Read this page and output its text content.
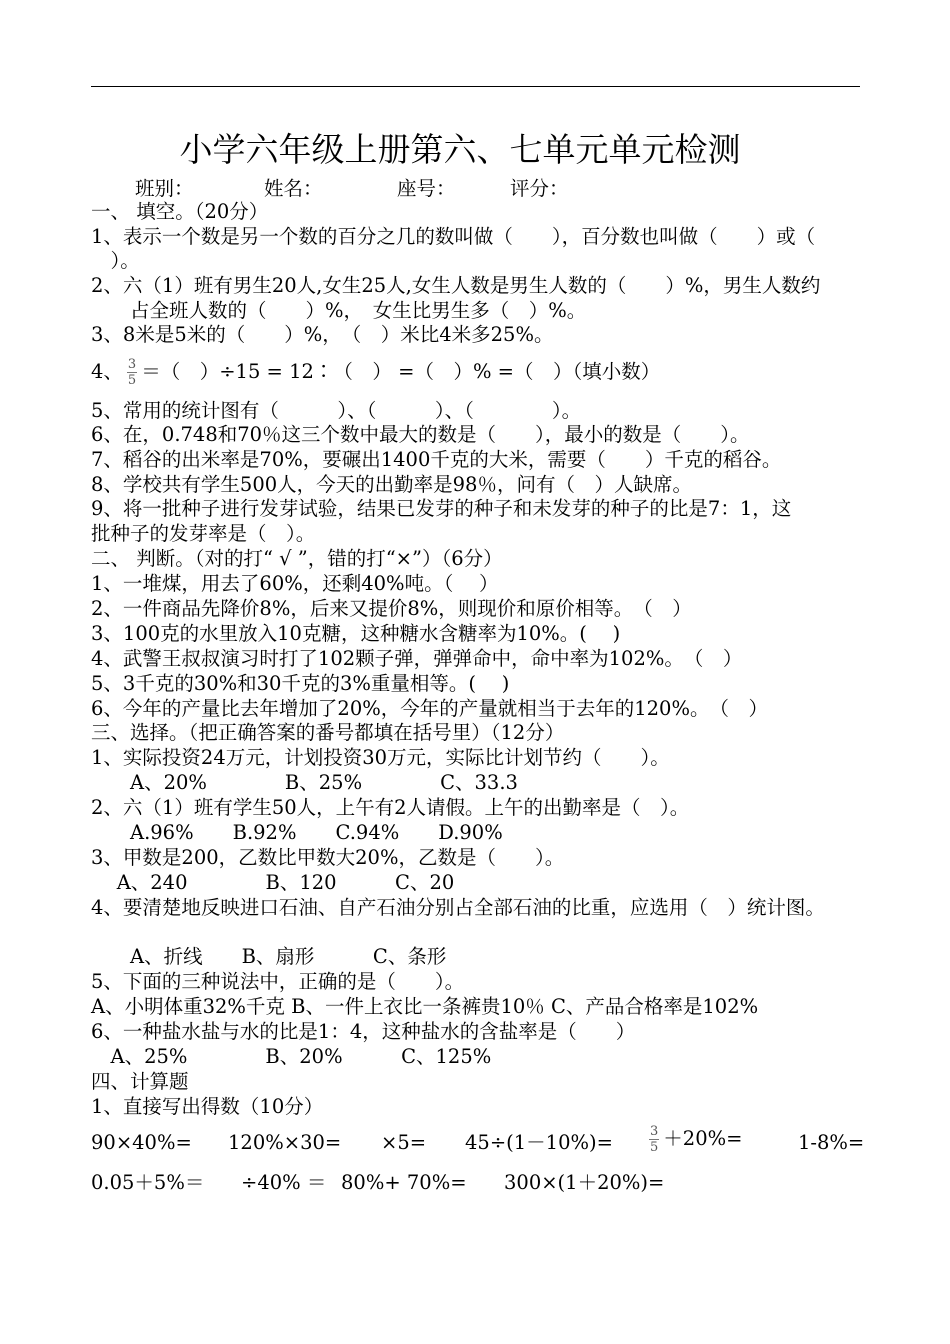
小学六年级上册第六、七单元单元检测
班别：	姓名：	座号：	评分：
一、 填空。（20分）
1、表示一个数是另一个数的百分之几的数叫做（　　），百分数也叫做（　　）或（
　）。
2、六（1）班有男生20人,女生25人,女生人数是男生人数的（　　）%，男生人数约
　　占全班人数的（　　）%，　女生比男生多（　）%。
3、8米是5米的（　　）%，　（　）米比4米多25%。
4、 $\frac{3}{5}$ ＝（　）÷15 = 12∶（　） =（　）% =（　）（填小数）
5、常用的统计图有（　　　）、（　　　）、（　　　　）。
6、在，0.748和70％这三个数中最大的数是（　　），最小的数是（　　）。
7、稻谷的出米率是70%，要碾出1400千克的大米，需要（　　）千克的稻谷。
8、学校共有学生500人，今天的出勤率是98％，问有（　）人缺席。
9、将一批种子进行发芽试验，结果已发芽的种子和未发芽的种子的比是7：1，这
批种子的发芽率是（　）。
二、 判断。（对的打“ √ ”，错的打“×”）（6分）
1、一堆煤，用去了60%，还剩40%吨。（　 ）
2、一件商品先降价8%，后来又提价8%，则现价和原价相等。　（　）
3、100克的水里放入10克糖，这种糖水含糖率为10%。(　 )
4、武警王叔叔演习时打了102颗子弹，弹弹命中，命中率为102%。　（　）
5、3千克的30%和30千克的3%重量相等。(　 )
6、今年的产量比去年增加了20%，今年的产量就相当于去年的120%。　（　）
三、选择。（把正确答案的番号都填在括号里）（12分）
1、实际投资24万元，计划投资30万元，实际比计划节约（　　）。
　　A、20%　　　　B、25%　　　　C、33.3
2、六（1）班有学生50人，上午有2人请假。上午的出勤率是（　）。
　　A.96%　　B.92%　　C.94%　　D.90%
3、甲数是200，乙数比甲数大20%，乙数是（　　）。
　 A、240　　　　B、120　　　C、20
4、要清楚地反映进口石油、自产石油分别占全部石油的比重，应选用（　）统计图。
　　A、折线　　B、扇形　　　C、条形
5、下面的三种说法中，正确的是（　　）。
A、小明体重32%千克 B、一件上衣比一条裤贵10％ C、产品合格率是102%
6、一种盐水盐与水的比是1：4，这种盐水的含盐率是（　　）
　A、25%　　　　B、20%　　　C、125%
四、计算题
1、直接写出得数（10分）
90×40%= 120%×30= ×5= 45÷(1－10%)=	$\frac{3}{5} +20\%=$	1-8%=
0.05＋5%＝ ÷40% ＝ 80%+ 70%= 300×(1＋20%)=
